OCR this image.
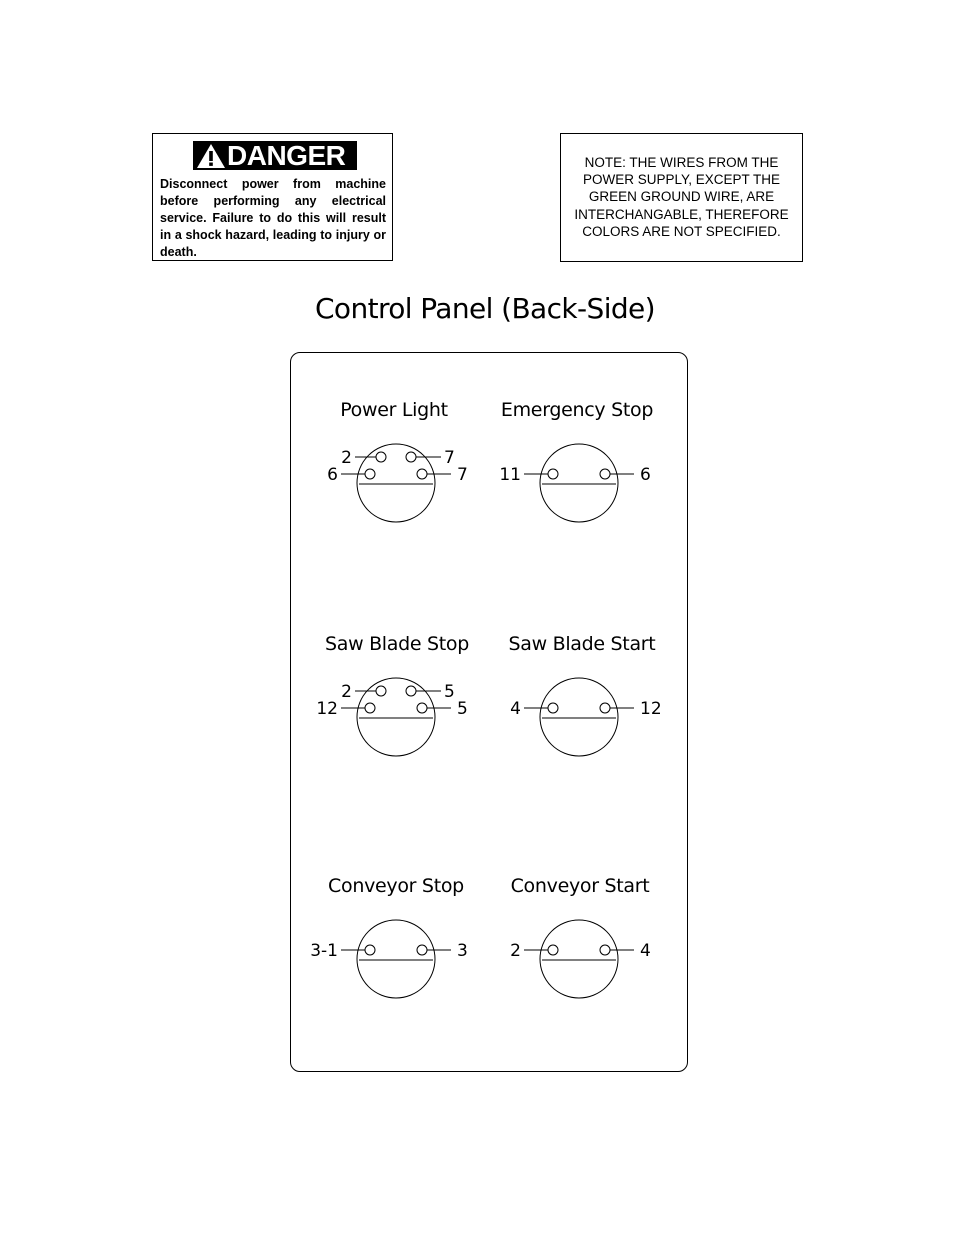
DANGER
Disconnect power from machine before performing any electrical service. Failure to do this will result in a shock hazard, leading to injury or death.
NOTE: THE WIRES FROM THE
POWER SUPPLY, EXCEPT THE
GREEN GROUND WIRE, ARE
INTERCHANGABLE, THEREFORE
COLORS ARE NOT SPECIFIED.
Control Panel (Back-Side)
Power Light	Emergency Stop
Saw Blade Stop	Saw Blade Start
Conveyor Stop	Conveyor Start
2	7
6	7 11	6
2	5
12	5 4	12
3-1	3 2	4
